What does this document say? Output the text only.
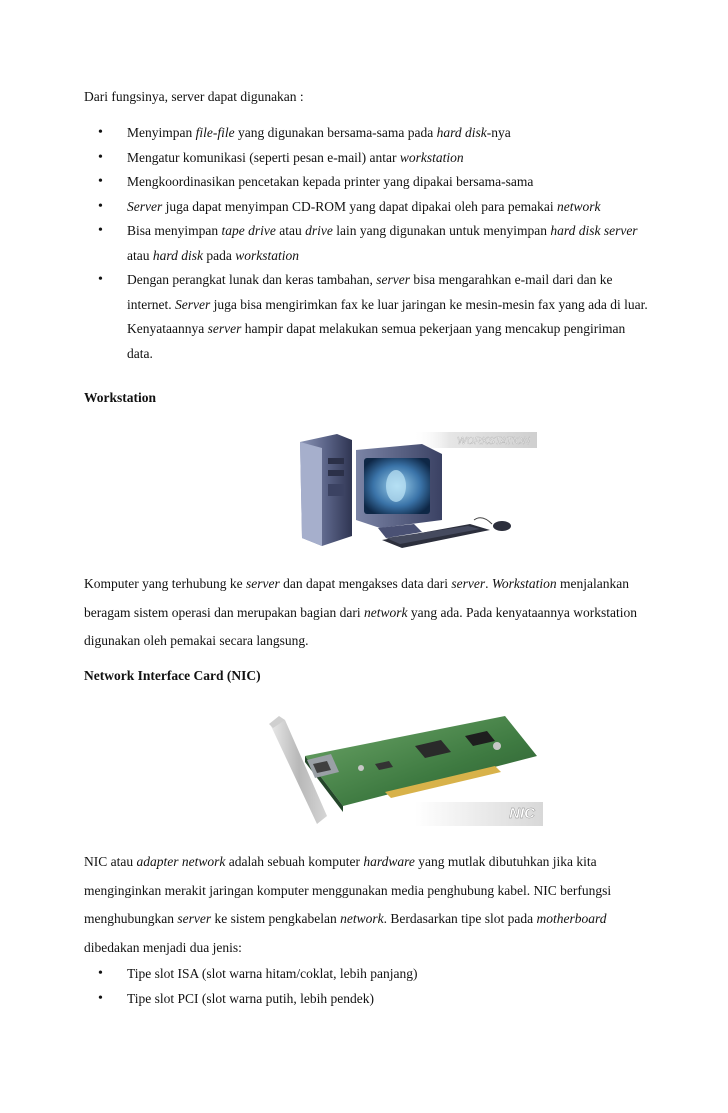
Dari fungsinya, server dapat digunakan :

• Menyimpan file-file yang digunakan bersama-sama pada hard disk-nya
• Mengatur komunikasi (seperti pesan e-mail) antar workstation
• Mengkoordinasikan pencetakan kepada printer yang dipakai bersama-sama
• Server juga dapat menyimpan CD-ROM yang dapat dipakai oleh para pemakai network
• Bisa menyimpan tape drive atau drive lain yang digunakan untuk menyimpan hard disk server atau hard disk pada workstation
• Dengan perangkat lunak dan keras tambahan, server bisa mengarahkan e-mail dari dan ke internet. Server juga bisa mengirimkan fax ke luar jaringan ke mesin-mesin fax yang ada di luar. Kenyataannya server hampir dapat melakukan semua pekerjaan yang mencakup pengiriman data.

Workstation

WORKSTATION

Komputer yang terhubung ke server dan dapat mengakses data dari server. Workstation menjalankan beragam sistem operasi dan merupakan bagian dari network yang ada. Pada kenyataannya workstation digunakan oleh pemakai secara langsung.

Network Interface Card (NIC)

NIC

NIC atau adapter network adalah sebuah komputer hardware yang mutlak dibutuhkan jika kita menginginkan merakit jaringan komputer menggunakan media penghubung kabel. NIC berfungsi menghubungkan server ke sistem pengkabelan network. Berdasarkan tipe slot pada motherboard dibedakan menjadi dua jenis:

• Tipe slot ISA (slot warna hitam/coklat, lebih panjang)
• Tipe slot PCI (slot warna putih, lebih pendek)
